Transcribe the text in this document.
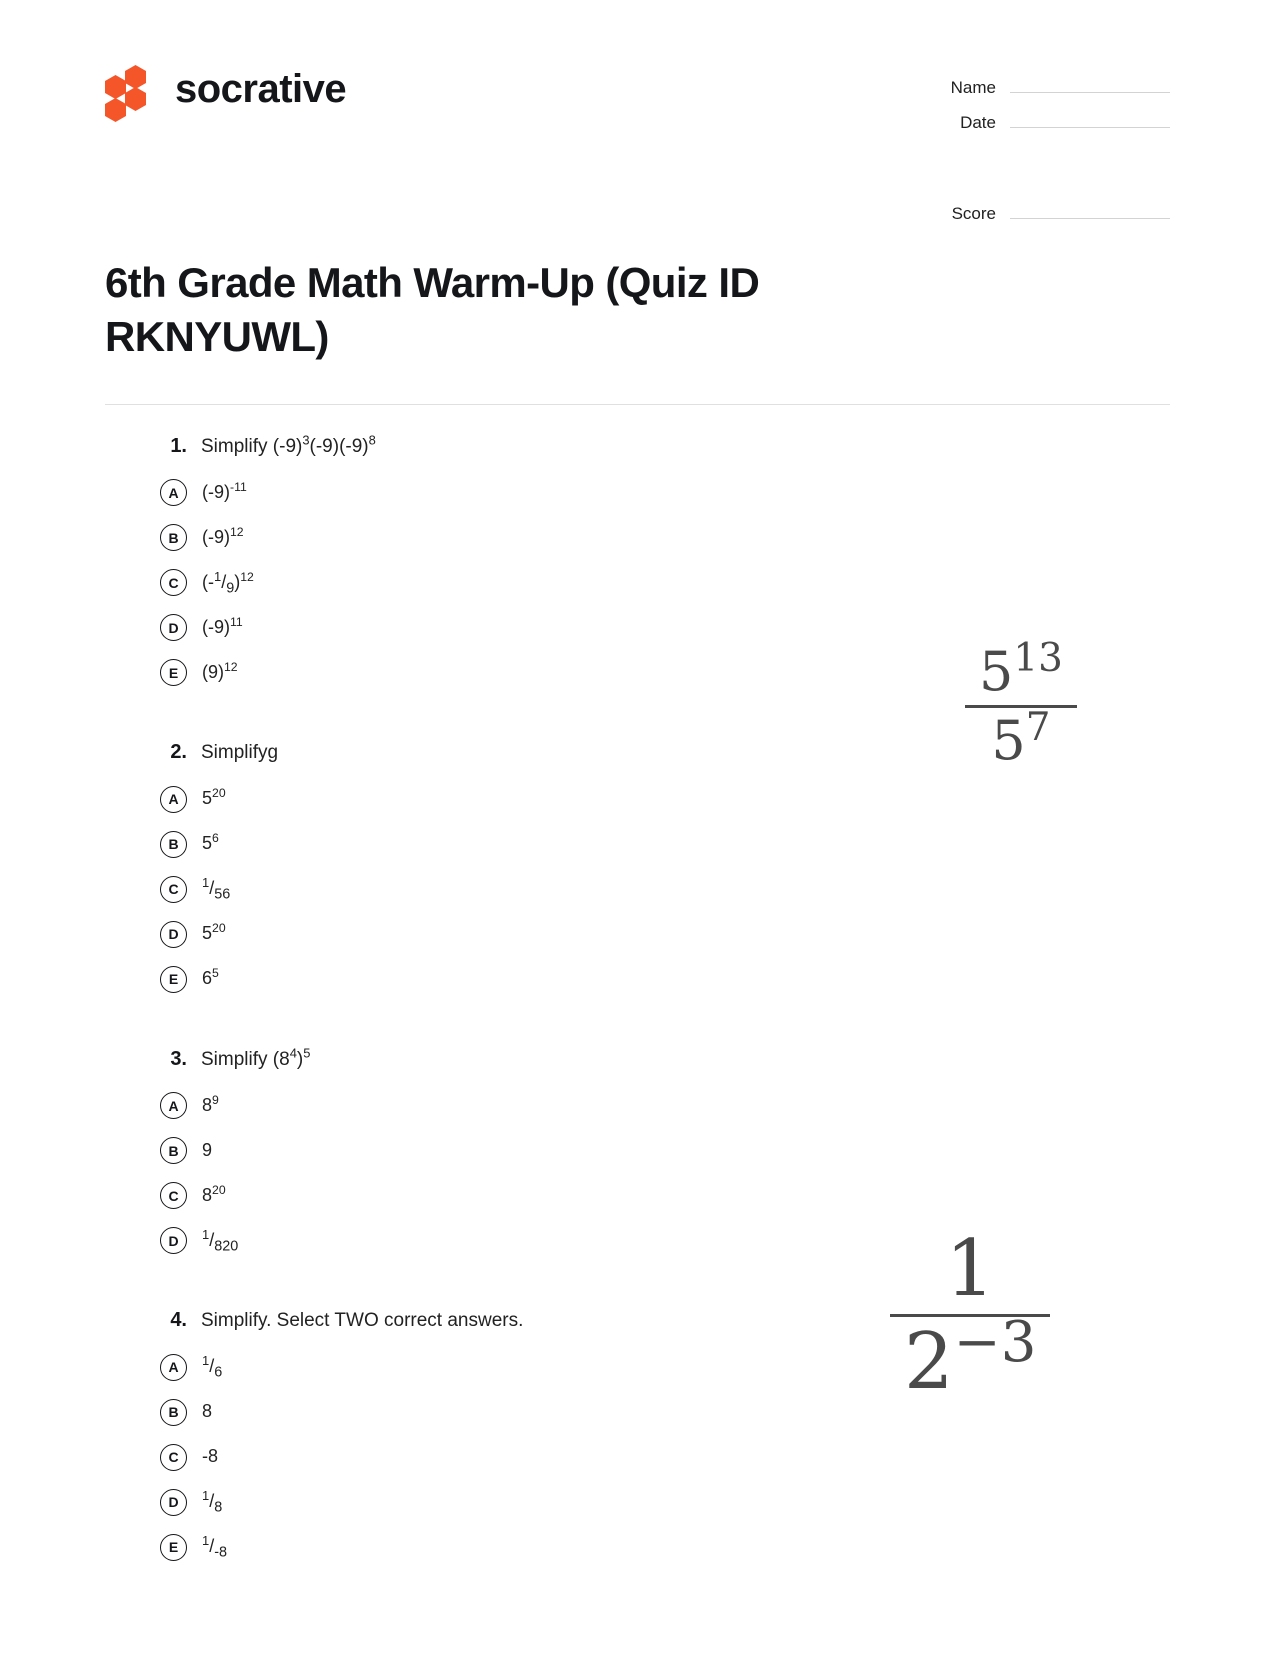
socrative	Name
Date
Score
6th Grade Math Warm-Up (Quiz ID RKNYUWL)
1. Simplify $(-9)^3(-9)(-9)^8$
A	$(-9)^{-11}$
B	$(-9)^{12}$
C	$(-^1/_9)^{12}$
D	$(-9)^{11}$
E	$(9)^{12}$
2. Simplifyg
A	$5^{20}$
B	$5^6$
C	$^1/_{56}$
D	$5^{20}$
E	$6^5$
3. Simplify $(8^4)^5$
A	$8^9$
B	9
C	$8^{20}$
D	$^1/_{820}$
4. Simplify. Select TWO correct answers.
A	$^1/_6$
B	8
C	-8
D	$^1/_8$
E	$^1/_{-8}$
$\frac{5^{13}}{5^7}$
$\frac{1}{2^{-3}}$
